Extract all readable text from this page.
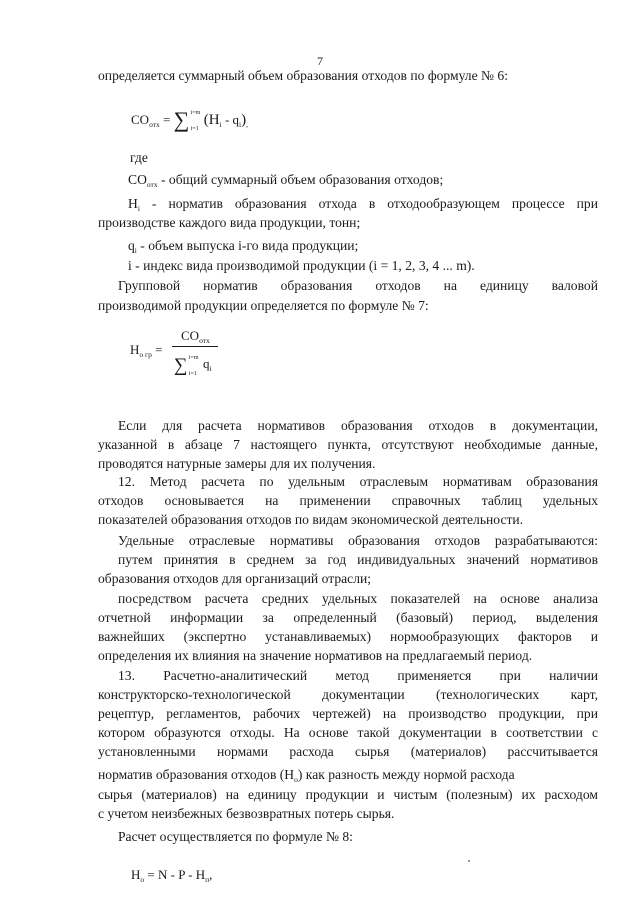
7
определяется суммарный объем образования отходов по формуле № 6:
$CO_{отх}$ = ∑ i=m
i=1
$(H_i - q_i)_,$
где
$CO_{отх}$ - общий суммарный объем образования отходов;
$H_i$ - норматив образования отхода в отходообразующем процессе при
производстве каждого вида продукции, тонн;
$q_i$ - объем выпуска i-го вида продукции;
i - индекс вида производимой продукции (i = 1, 2, 3, 4 ... m).
Групповой норматив образования отходов на единицу валовой
производимой продукции определяется по формуле № 7:
$H_{o гр}$ =
$CO_{отх}$
∑ i=m
i=1
$q_i$
Если для расчета нормативов образования отходов в документации,
указанной в абзаце 7 настоящего пункта, отсутствуют необходимые данные,
проводятся натурные замеры для их получения.
12. Метод расчета по удельным отраслевым нормативам образования
отходов основывается на применении справочных таблиц удельных
показателей образования отходов по видам экономической деятельности.
Удельные отраслевые нормативы образования отходов разрабатываются:
путем принятия в среднем за год индивидуальных значений нормативов
образования отходов для организаций отрасли;
посредством расчета средних удельных показателей на основе анализа
отчетной информации за определенный (базовый) период, выделения
важнейших (экспертно устанавливаемых) нормообразующих факторов и
определения их влияния на значение нормативов на предлагаемый период.
13. Расчетно-аналитический метод применяется при наличии
конструкторско-технологической документации (технологических карт,
рецептур, регламентов, рабочих чертежей) на производство продукции, при
котором образуются отходы. На основе такой документации в соответствии с
установленными нормами расхода сырья (материалов) рассчитывается
норматив образования отходов $(H_o)$ как разность между нормой расхода
сырья (материалов) на единицу продукции и чистым (полезным) их расходом
с учетом неизбежных безвозвратных потерь сырья.
Расчет осуществляется по формуле № 8:
$H_o = N - P - H_п$,
